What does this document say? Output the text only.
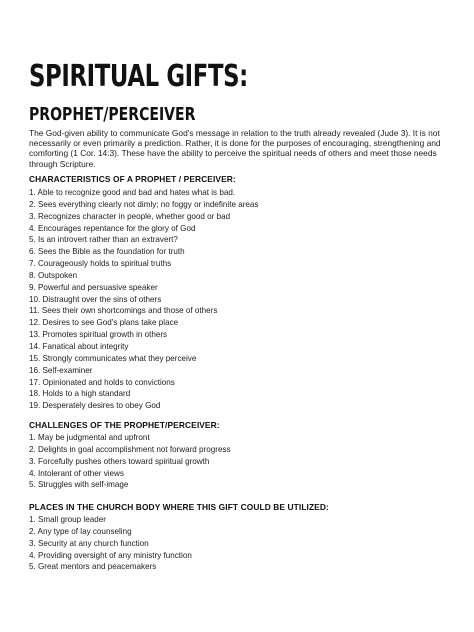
SPIRITUAL GIFTS:
PROPHET/PERCEIVER

The God-given ability to communicate God's message in relation to the truth already revealed (Jude 3). It is not necessarily or even primarily a prediction. Rather, it is done for the purposes of encouraging, strengthening and comforting (1 Cor. 14:3). These have the ability to perceive the spiritual needs of others and meet those needs through Scripture.

CHARACTERISTICS OF A PROPHET / PERCEIVER:
1. Able to recognize good and bad and hates what is bad.
2. Sees everything clearly not dimly; no foggy or indefinite areas
3. Recognizes character in people, whether good or bad
4. Encourages repentance for the glory of God
5. Is an introvert rather than an extravert?
6. Sees the Bible as the foundation for truth
7. Courageously holds to spiritual truths
8. Outspoken
9. Powerful and persuasive speaker
10. Distraught over the sins of others
11. Sees their own shortcomings and those of others
12. Desires to see God's plans take place
13. Promotes spiritual growth in others
14. Fanatical about integrity
15. Strongly communicates what they perceive
16. Self-examiner
17. Opinionated and holds to convictions
18. Holds to a high standard
19. Desperately desires to obey God
CHALLENGES OF THE PROPHET/PERCEIVER:
1. May be judgmental and upfront
2. Delights in goal accomplishment not forward progress
3. Forcefully pushes others toward spiritual growth
4. Intolerant of other views
5. Struggles with self-image
PLACES IN THE CHURCH BODY WHERE THIS GIFT COULD BE UTILIZED:
1. Small group leader
2. Any type of lay counseling
3. Security at any church function
4. Providing oversight of any ministry function
5. Great mentors and peacemakers
